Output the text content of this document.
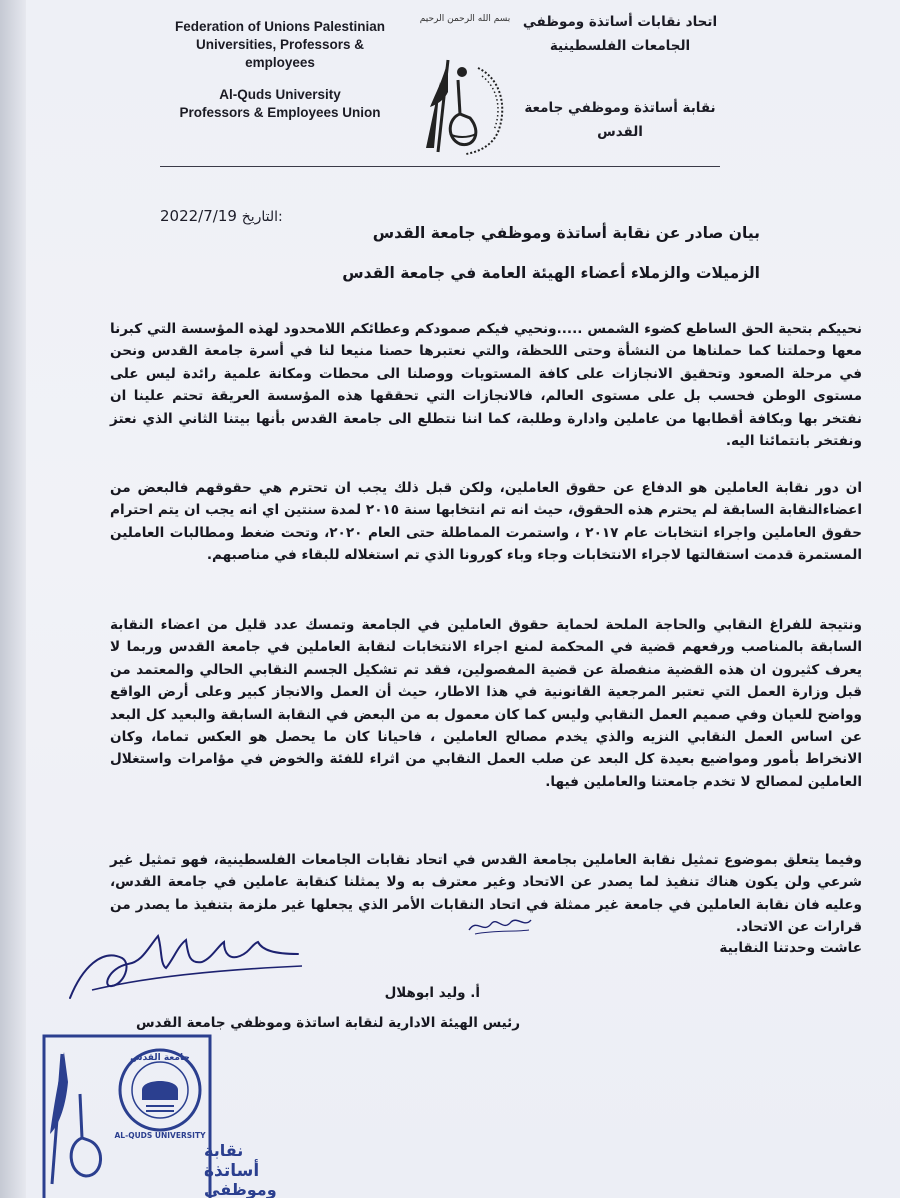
Federation of Unions Palestinian
Universities, Professors &
employees
Al-Quds University
Professors & Employees Union
بسم الله الرحمن الرحيم اتحاد نقابات أساتذة وموظفي
الجامعات الفلسطينية
نقابة أساتذة وموظفي جامعة القدس
2022/7/19 التاريخ:
بيان صادر عن نقابة أساتذة وموظفي جامعة القدس
الزميلات والزملاء أعضاء الهيئة العامة في جامعة القدس
نحييكم بتحية الحق الساطع كضوء الشمس .....ونحيي فيكم صمودكم وعطائكم اللامحدود لهذه المؤسسة التي كبرنا معها وحملتنا كما حملناها من النشأة وحتى اللحظة، والتي نعتبرها حصنا منيعا لنا في أسرة جامعة القدس ونحن في مرحلة الصعود وتحقيق الانجازات على كافة المستويات ووصلنا الى محطات ومكانة علمية رائدة ليس على مستوى الوطن فحسب بل على مستوى العالم، فالانجازات التي تحققها هذه المؤسسة العريقة تحتم علينا ان نفتخر بها وبكافة أقطابها من عاملين وادارة وطلبة، كما اننا نتطلع الى جامعة القدس بأنها بيتنا الثاني الذي نعتز ونفتخر بانتمائنا اليه.
ان دور نقابة العاملين هو الدفاع عن حقوق العاملين، ولكن قبل ذلك يجب ان تحترم هي حقوقهم فالبعض من اعضاءالنقابة السابقة لم يحترم هذه الحقوق، حيث انه تم انتخابها سنة ٢٠١٥ لمدة سنتين اي انه يجب ان يتم احترام حقوق العاملين واجراء انتخابات عام ٢٠١٧ ، واستمرت المماطلة حتى العام ٢٠٢٠، وتحت ضغط ومطالبات العاملين المستمرة قدمت استقالتها لاجراء الانتخابات وجاء وباء كورونا الذي تم استغلاله للبقاء في مناصبهم.
ونتيجة للفراغ النقابي والحاجة الملحة لحماية حقوق العاملين في الجامعة وتمسك عدد قليل من اعضاء النقابة السابقة بالمناصب ورفعهم قضية في المحكمة لمنع اجراء الانتخابات لنقابة العاملين في جامعة القدس وربما لا يعرف كثيرون ان هذه القضية منفصلة عن قضية المفصولين، فقد تم تشكيل الجسم النقابي الحالي والمعتمد من قبل وزارة العمل التي تعتبر المرجعية القانونية في هذا الاطار، حيث أن العمل والانجاز كبير وعلى أرض الواقع وواضح للعيان وفي صميم العمل النقابي وليس كما كان معمول به من البعض في النقابة السابقة والبعيد كل البعد عن اساس العمل النقابي النزيه والذي يخدم مصالح العاملين ، فاحيانا كان ما يحصل هو العكس تماما، وكان الانخراط بأمور ومواضيع بعيدة كل البعد عن صلب العمل النقابي من اثراء للفئة والخوض في مؤامرات واستغلال العاملين لمصالح لا تخدم جامعتنا والعاملين فيها.
وفيما يتعلق بموضوع تمثيل نقابة العاملين بجامعة القدس في اتحاد نقابات الجامعات الفلسطينية، فهو تمثيل غير شرعي ولن يكون هناك تنفيذ لما يصدر عن الاتحاد وغير معترف به ولا يمثلنا كنقابة عاملين في جامعة القدس، وعليه فان نقابة العاملين في جامعة غير ممثلة في اتحاد النقابات الأمر الذي يجعلها غير ملزمة بتنفيذ ما يصدر من قرارات عن الاتحاد.
عاشت وحدتنا النقابية
أ. وليد ابوهلال
رئيس الهيئة الادارية لنقابة اساتذة وموظفي جامعة القدس
جامعة القدس
AL-QUDS UNIVERSITY
نقابة
أساتذة
وموظفي
